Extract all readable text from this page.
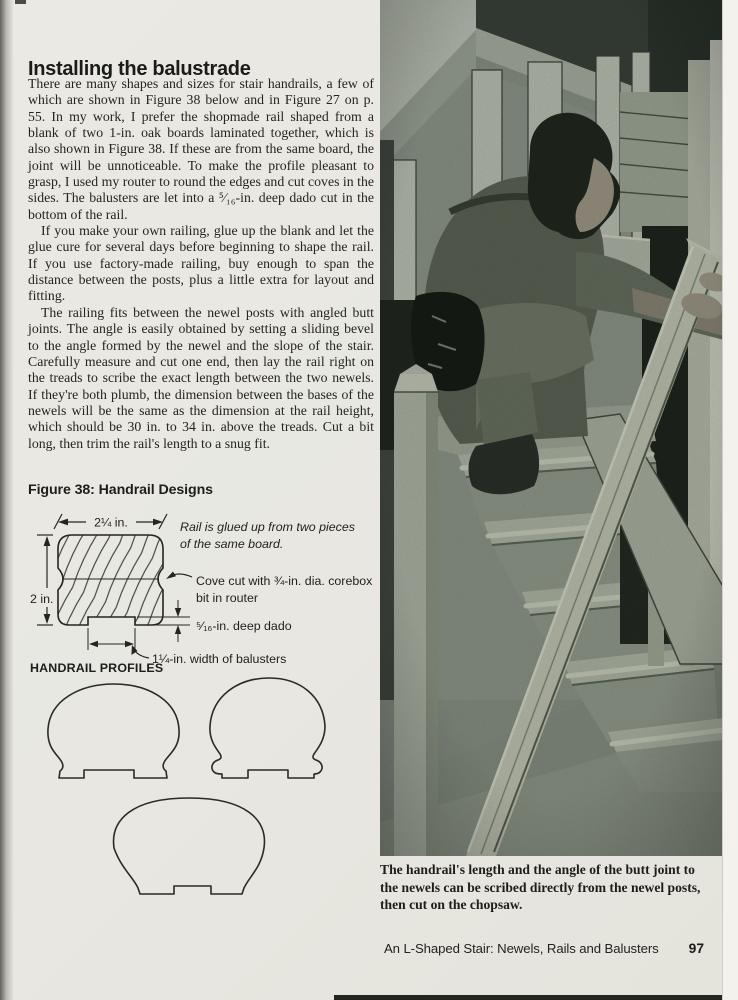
Installing the balustrade

There are many shapes and sizes for stair handrails, a few of which are shown in Figure 38 below and in Figure 27 on p. 55. In my work, I prefer the shopmade rail shaped from a blank of two 1-in. oak boards laminated together, which is also shown in Figure 38. If these are from the same board, the joint will be unnoticeable. To make the profile pleasant to grasp, I used my router to round the edges and cut coves in the sides. The balusters are let into a ⁵⁄₁₆-in. deep dado cut in the bottom of the rail.

If you make your own railing, glue up the blank and let the glue cure for several days before beginning to shape the rail. If you use factory-made railing, buy enough to span the distance between the posts, plus a little extra for layout and fitting.

The railing fits between the newel posts with angled butt joints. The angle is easily obtained by setting a sliding bevel to the angle formed by the newel and the slope of the stair. Carefully measure and cut one end, then lay the rail right on the treads to scribe the exact length between the two newels. If they're both plumb, the dimension between the bases of the newels will be the same as the dimension at the rail height, which should be 30 in. to 34 in. above the treads. Cut a bit long, then trim the rail's length to a snug fit.

Figure 38: Handrail Designs
2¼ in.
2 in.
Rail is glued up from two pieces
of the same board.
Cove cut with ¾-in. dia. corebox
bit in router
⁵⁄₁₆-in. deep dado
1¼-in. width of balusters
HANDRAIL PROFILES
The handrail's length and the angle of the butt joint to the newels can be scribed directly from the newel posts, then cut on the chopsaw.
An L-Shaped Stair: Newels, Rails and Balusters 97
